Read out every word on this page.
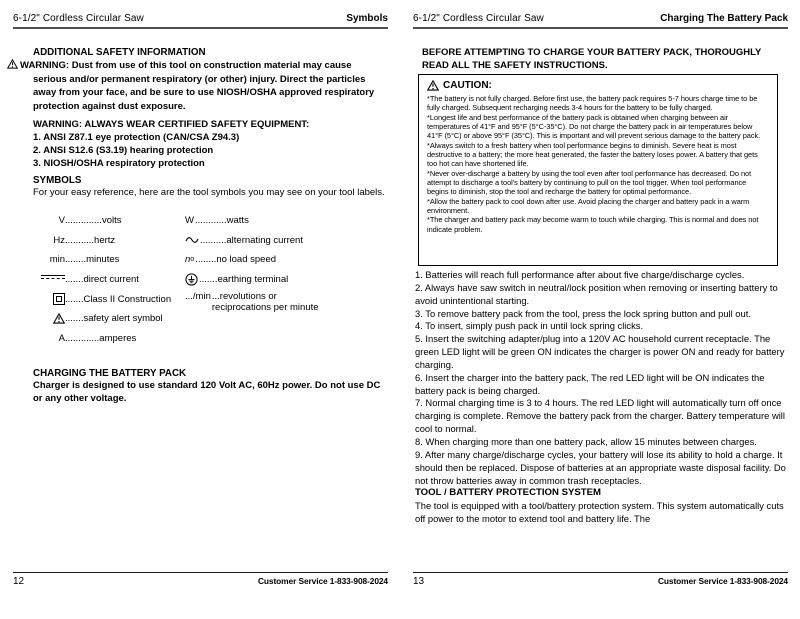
6-1/2" Cordless Circular Saw	Symbols
ADDITIONAL SAFETY INFORMATION

WARNING: Dust from use of this tool on construction material may cause serious and/or permanent respiratory (or other) injury. Direct the particles away from your face, and be sure to use NIOSH/OSHA approved respiratory protection against dust exposure.

WARNING: ALWAYS WEAR CERTIFIED SAFETY EQUIPMENT:

1. ANSI Z87.1 eye protection (CAN/CSA Z94.3)

2. ANSI S12.6 (S3.19) hearing protection

3. NIOSH/OSHA respiratory protection

SYMBOLS

For your easy reference, here are the tool symbols you may see on your tool labels.

V ..............volts
Hz ...........hertz
min ........minutes
.......direct current
.......Class II Construction
.......safety alert symbol
A .............amperes
W ............watts
..........alternating current
n o ........no load speed
.......earthing terminal
.../min ...revolutions or
reciprocations per minute
CHARGING THE BATTERY PACK

Charger is designed to use standard 120 Volt AC, 60Hz power. Do not use DC or any other voltage.

12	Customer Service 1-833-908-2024
6-1/2" Cordless Circular Saw	Charging The Battery Pack

BEFORE ATTEMPTING TO CHARGE YOUR BATTERY PACK, THOROUGHLY READ ALL THE SAFETY INSTRUCTIONS.

CAUTION:

*The battery is not fully charged. Before first use, the battery pack requires 5-7 hours charge time to be fully charged. Subsequent recharging needs 3-4 hours for the battery to be fully charged.

*Longest life and best performance of the battery pack is obtained when charging between air temperatures of 41°F and 95°F (5°C-35°C). Do not charge the battery pack in air temperatures below 41°F (5°C) or above 95°F (35°C). This is important and will prevent serious damage to the battery pack.

*Always switch to a fresh battery when tool performance begins to diminish. Severe heat is most destructive to a battery; the more heat generated, the faster the battery loses power. A battery that gets too hot can have shortened life.

*Never over-discharge a battery by using the tool even after tool performance has decreased. Do not attempt to discharge a tool's battery by continuing to pull on the tool trigger. When tool performance begins to diminish, stop the tool and recharge the battery for optimal performance.

*Allow the battery pack to cool down after use. Avoid placing the charger and battery pack in a warm environment.

*The charger and battery pack may become warm to touch while charging. This is normal and does not indicate problem.

1. Batteries will reach full performance after about five charge/discharge cycles.

2. Always have saw switch in neutral/lock position when removing or inserting battery to avoid unintentional starting.

3. To remove battery pack from the tool, press the lock spring button and pull out.

4. To insert, simply push pack in until lock spring clicks.

5. Insert the switching adapter/plug into a 120V AC household current receptacle. The green LED light will be green ON indicates the charger is power ON and ready for battery charging.

6. Insert the charger into the battery pack, The red LED light will be ON indicates the battery pack is being charged.

7. Normal charging time is 3 to 4 hours. The red LED light will automatically turn off once charging is complete. Remove the battery pack from the charger. Battery temperature will cool to normal.

8. When charging more than one battery pack, allow 15 minutes between charges.

9. After many charge/discharge cycles, your battery will lose its ability to hold a charge. It should then be replaced. Dispose of batteries at an appropriate waste disposal facility. Do not throw batteries away in common trash receptacles.

TOOL / BATTERY PROTECTION SYSTEM

The tool is equipped with a tool/battery protection system. This system automatically cuts off power to the motor to extend tool and battery life. The

13	Customer Service 1-833-908-2024
